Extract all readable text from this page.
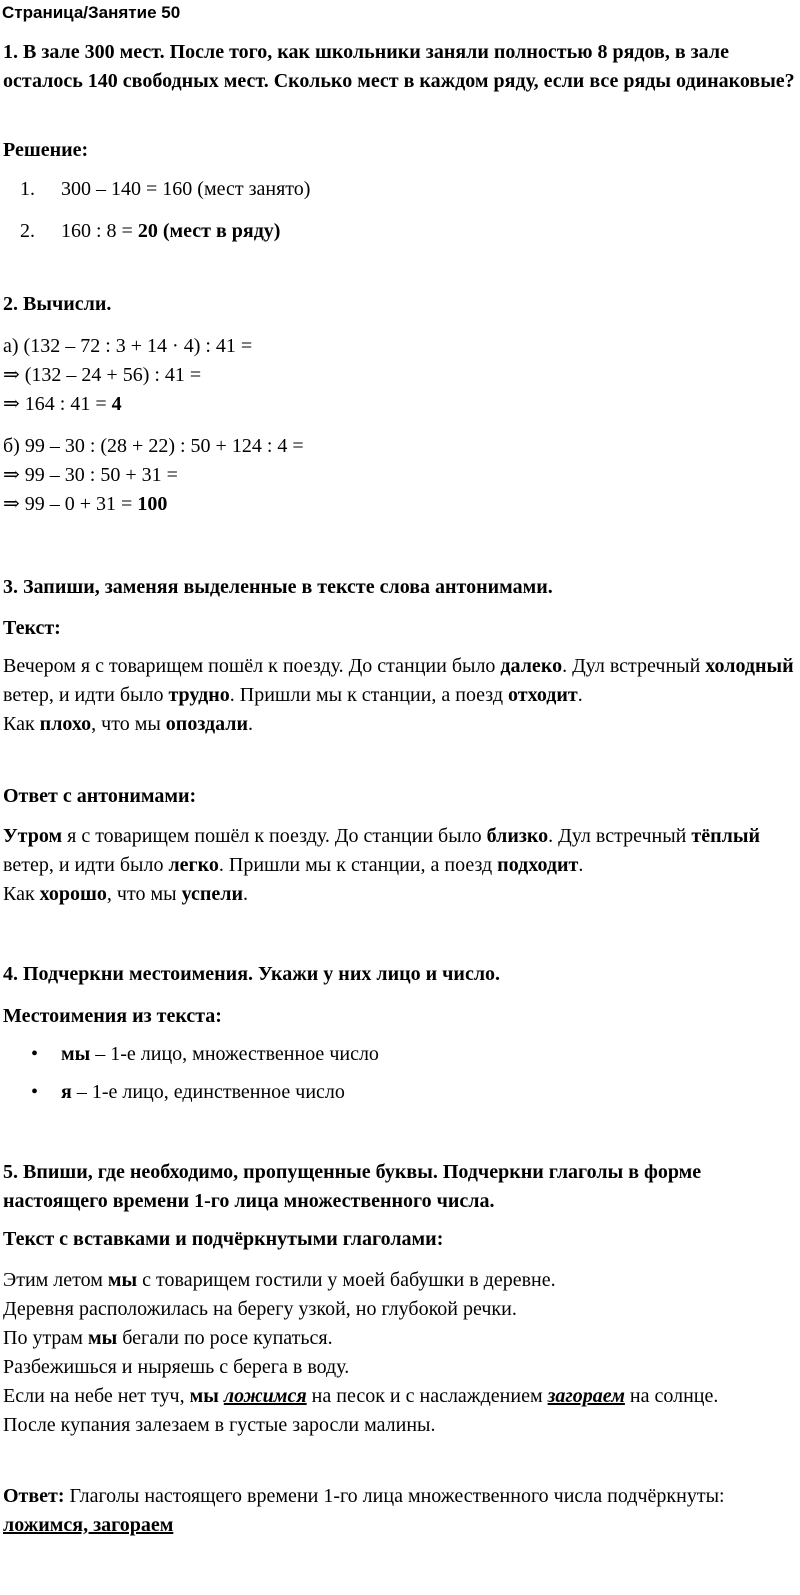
Страница/Занятие 50
1. В зале 300 мест. После того, как школьники заняли полностью 8 рядов, в зале осталось 140 свободных мест. Сколько мест в каждом ряду, если все ряды одинаковые?
Решение:
1. 300 – 140 = 160 (мест занято)
2. 160 : 8 = 20 (мест в ряду)
2. Вычисли.
а) (132 – 72 : 3 + 14 · 4) : 41 =
⇒ (132 – 24 + 56) : 41 =
⇒ 164 : 41 = 4
б) 99 – 30 : (28 + 22) : 50 + 124 : 4 =
⇒ 99 – 30 : 50 + 31 =
⇒ 99 – 0 + 31 = 100
3. Запиши, заменяя выделенные в тексте слова антонимами.
Текст:
Вечером я с товарищем пошёл к поезду. До станции было далеко. Дул встречный холодный ветер, и идти было трудно. Пришли мы к станции, а поезд отходит.
Как плохо, что мы опоздали.
Ответ с антонимами:
Утром я с товарищем пошёл к поезду. До станции было близко. Дул встречный тёплый ветер, и идти было легко. Пришли мы к станции, а поезд подходит.
Как хорошо, что мы успели.
4. Подчеркни местоимения. Укажи у них лицо и число.
Местоимения из текста:
• мы – 1-е лицо, множественное число
• я – 1-е лицо, единственное число
5. Впиши, где необходимо, пропущенные буквы. Подчеркни глаголы в форме настоящего времени 1-го лица множественного числа.
Текст с вставками и подчёркнутыми глаголами:
Этим летом мы с товарищем гостили у моей бабушки в деревне.
Деревня расположилась на берегу узкой, но глубокой речки.
По утрам мы бегали по росе купаться.
Разбежишься и ныряешь с берега в воду.
Если на небе нет туч, мы ложимся на песок и с наслаждением загораем на солнце.
После купания залезаем в густые заросли малины.
Ответ: Глаголы настоящего времени 1-го лица множественного числа подчёркнуты:
ложимся, загораем
